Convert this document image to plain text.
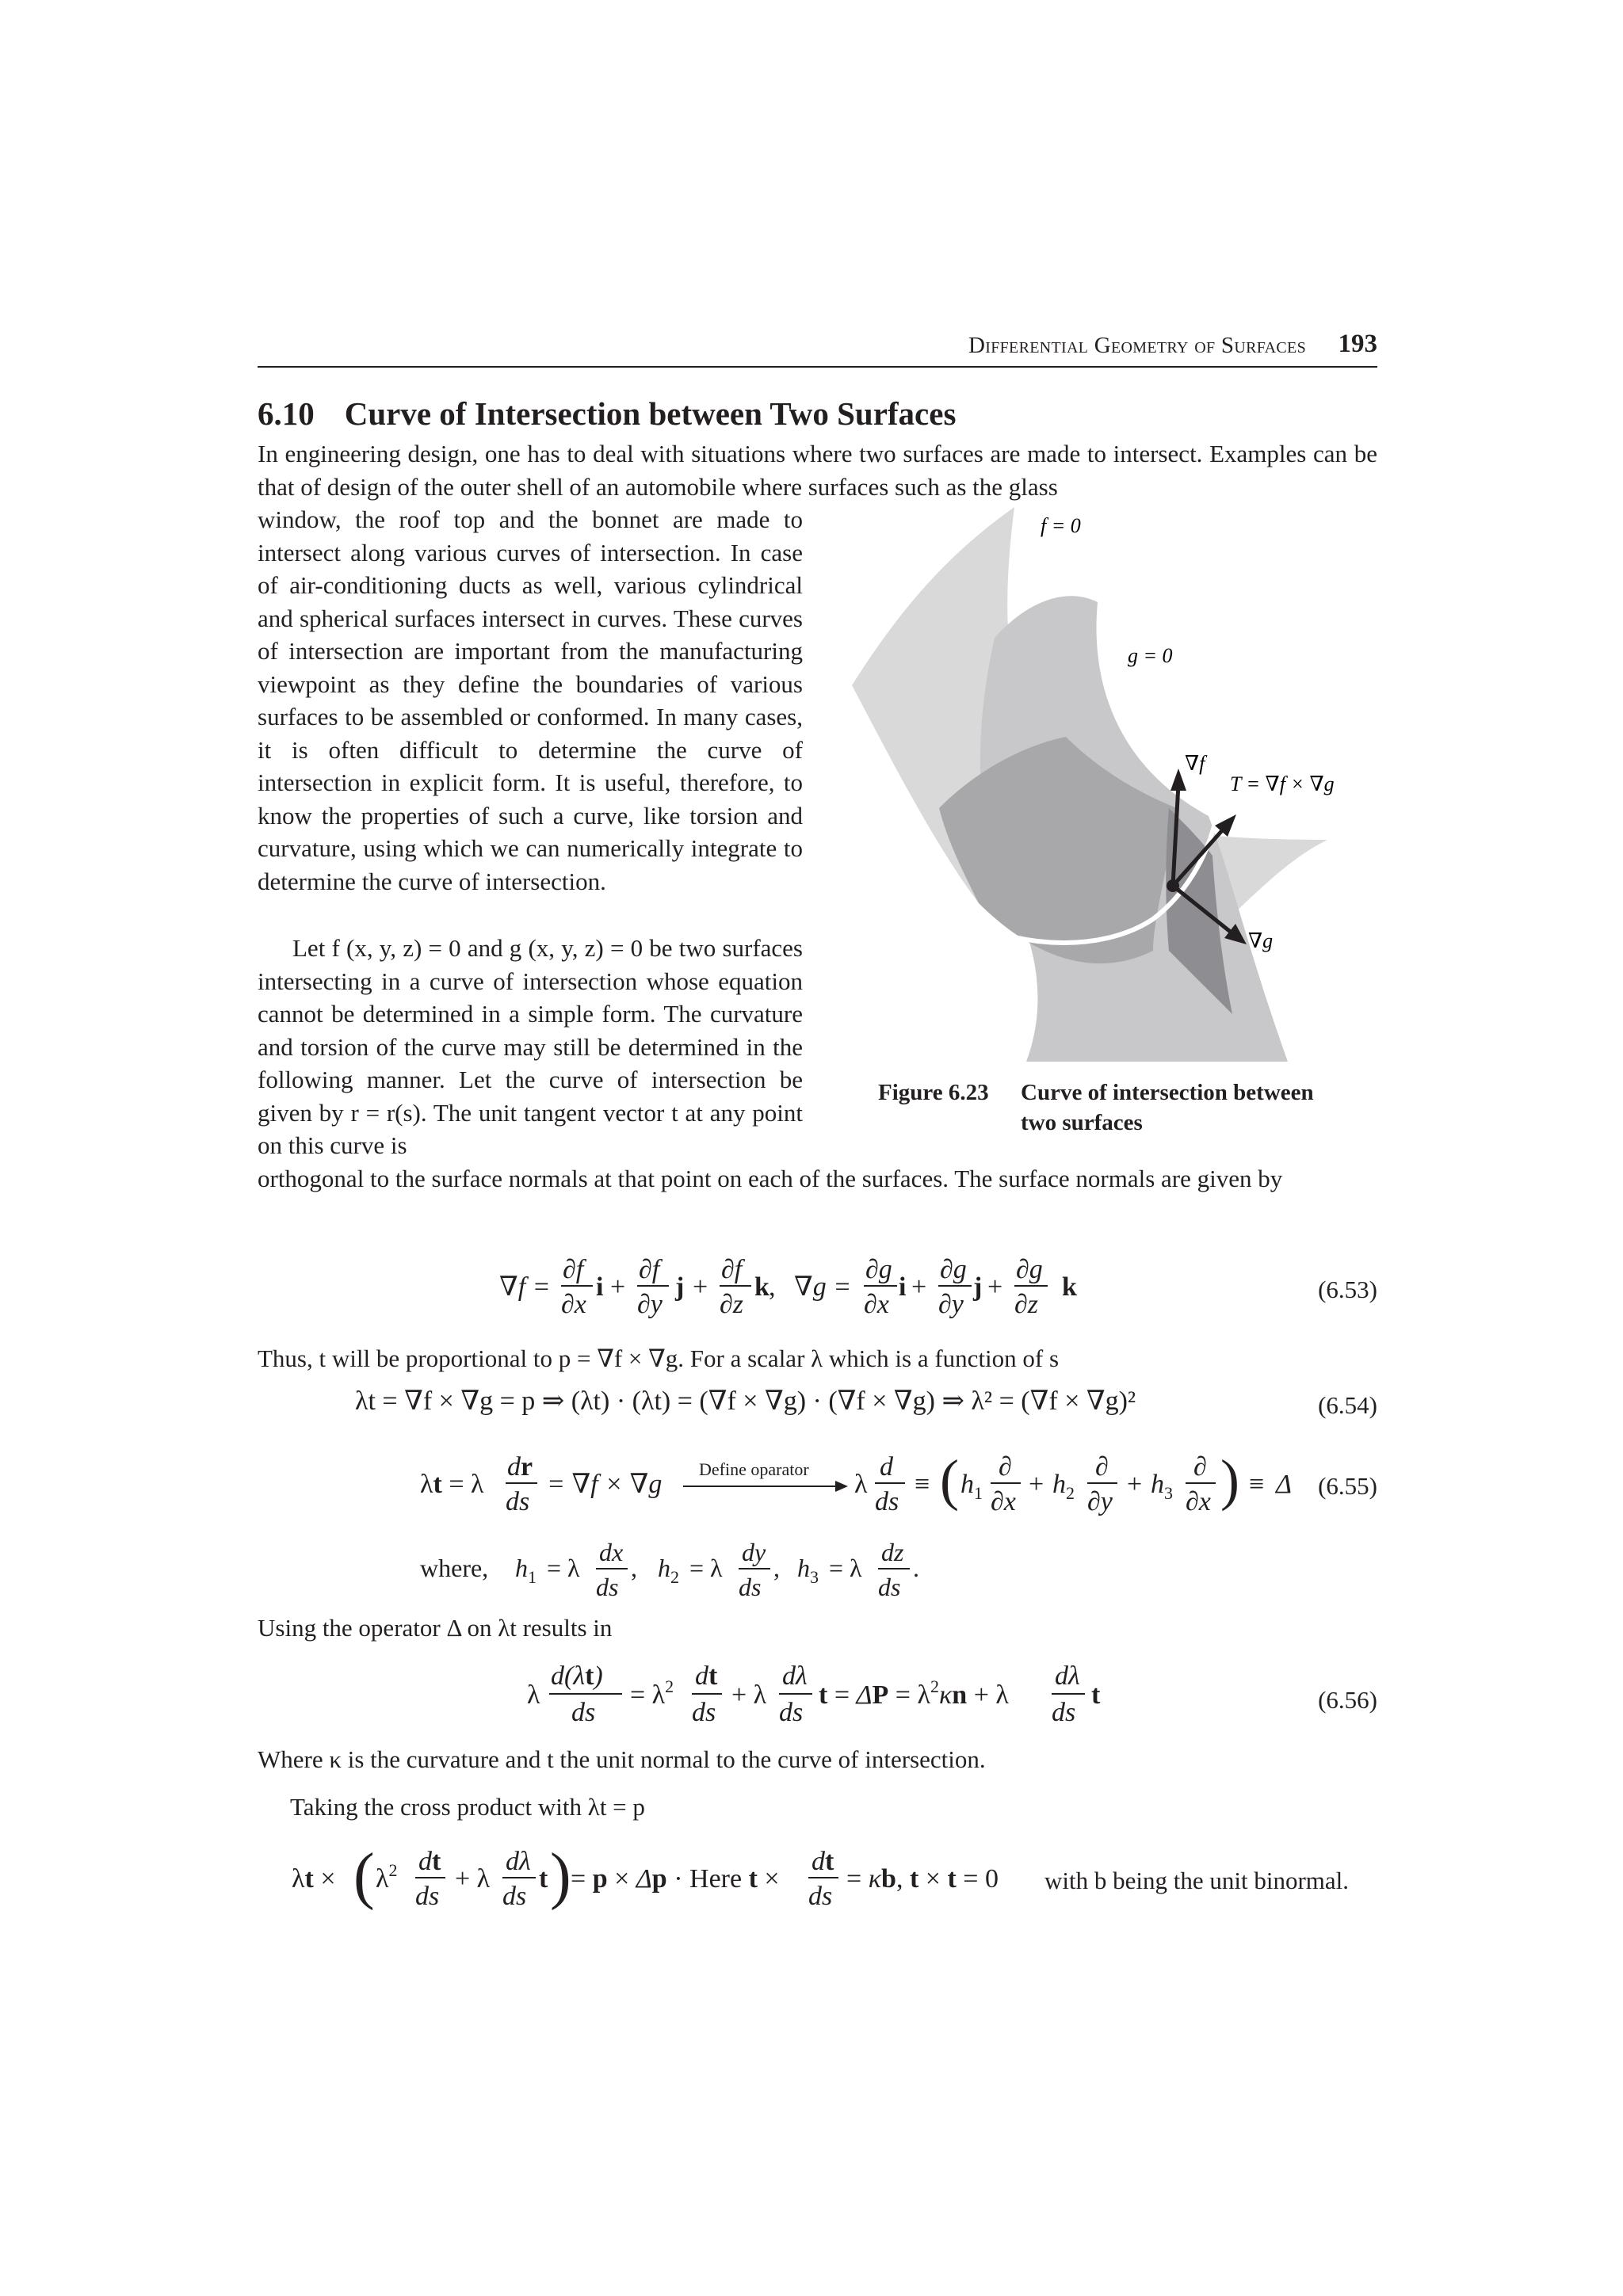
Differential Geometry of Surfaces 193
6.10 Curve of Intersection between Two Surfaces
In engineering design, one has to deal with situations where two surfaces are made to intersect. Examples can be that of design of the outer shell of an automobile where surfaces such as the glass
window, the roof top and the bonnet are made to intersect along various curves of intersection. In case of air-conditioning ducts as well, various cylindrical and spherical surfaces intersect in curves. These curves of intersection are important from the manufacturing viewpoint as they define the boundaries of various surfaces to be assembled or conformed. In many cases, it is often difficult to determine the curve of intersection in explicit form. It is useful, therefore, to know the properties of such a curve, like torsion and curvature, using which we can numerically integrate to determine the curve of intersection.
Let f (x, y, z) = 0 and g (x, y, z) = 0 be two surfaces intersecting in a curve of intersection whose equation cannot be determined in a simple form. The curvature and torsion of the curve may still be determined in the following manner. Let the curve of intersection be given by r = r(s). The unit tangent vector t at any point on this curve is
orthogonal to the surface normals at that point on each of the surfaces. The surface normals are given by
f = 0
g = 0
∇f
T = ∇f × ∇g
∇g
Figure 6.23 Curve of intersection between two surfaces
∇f =
∂f
∂x
i +
∂f
∂y
j +
∂f
∂z
k , ∇g =
∂g
∂x
i +
∂g
∂y
j +
∂g
∂z
k	(6.53)
Thus, t will be proportional to p = ∇f × ∇g. For a scalar λ which is a function of s
λt = ∇f × ∇g = p ⇒ (λt) · (λt) = (∇f × ∇g) · (∇f × ∇g) ⇒ λ² = (∇f × ∇g)²	(6.54)
λt = λ
dr
ds
= ∇f × ∇g
Define oparator
λ
d
ds
≡ ( $h_1$
∂
∂x
+ $h_2$
∂
∂y
+ $h_3$
∂
∂x ) ≡ Δ (6.55)
where, $h_1 = \lambda$
dx
ds
, $h_2 = \lambda$
dy
ds
, $h_3 = \lambda$
dz
ds
.
Using the operator Δ on λt results in
λ
d(λt)
ds
= $\lambda^2$ dt
ds
+ λ
dλ
ds
$t = \Delta P = \lambda^2\kappa n + \lambda$
dλ
ds
t	(6.56)
Where κ is the curvature and t the unit normal to the curve of intersection.
Taking the cross product with λt = p
λt × ( $\lambda^2$ dt
ds
+ λ
dλ
ds
t ) = p × Δp · Here t ×
dt
ds
= κb, t × t = 0 with b being the unit binormal.
